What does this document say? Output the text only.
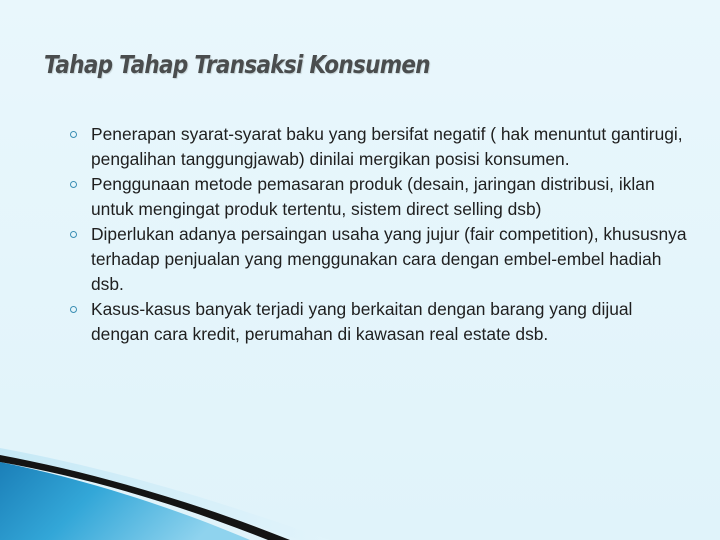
Tahap Tahap Transaksi Konsumen
Penerapan syarat-syarat baku yang bersifat negatif ( hak menuntut gantirugi, pengalihan tanggungjawab) dinilai mergikan posisi konsumen.
Penggunaan metode pemasaran produk (desain, jaringan distribusi, iklan untuk mengingat produk tertentu, sistem direct selling dsb)
Diperlukan adanya persaingan usaha yang jujur (fair competition), khususnya terhadap penjualan yang menggunakan cara dengan embel-embel hadiah dsb.
Kasus-kasus banyak terjadi yang berkaitan dengan barang yang dijual dengan cara kredit, perumahan di kawasan real estate dsb.
